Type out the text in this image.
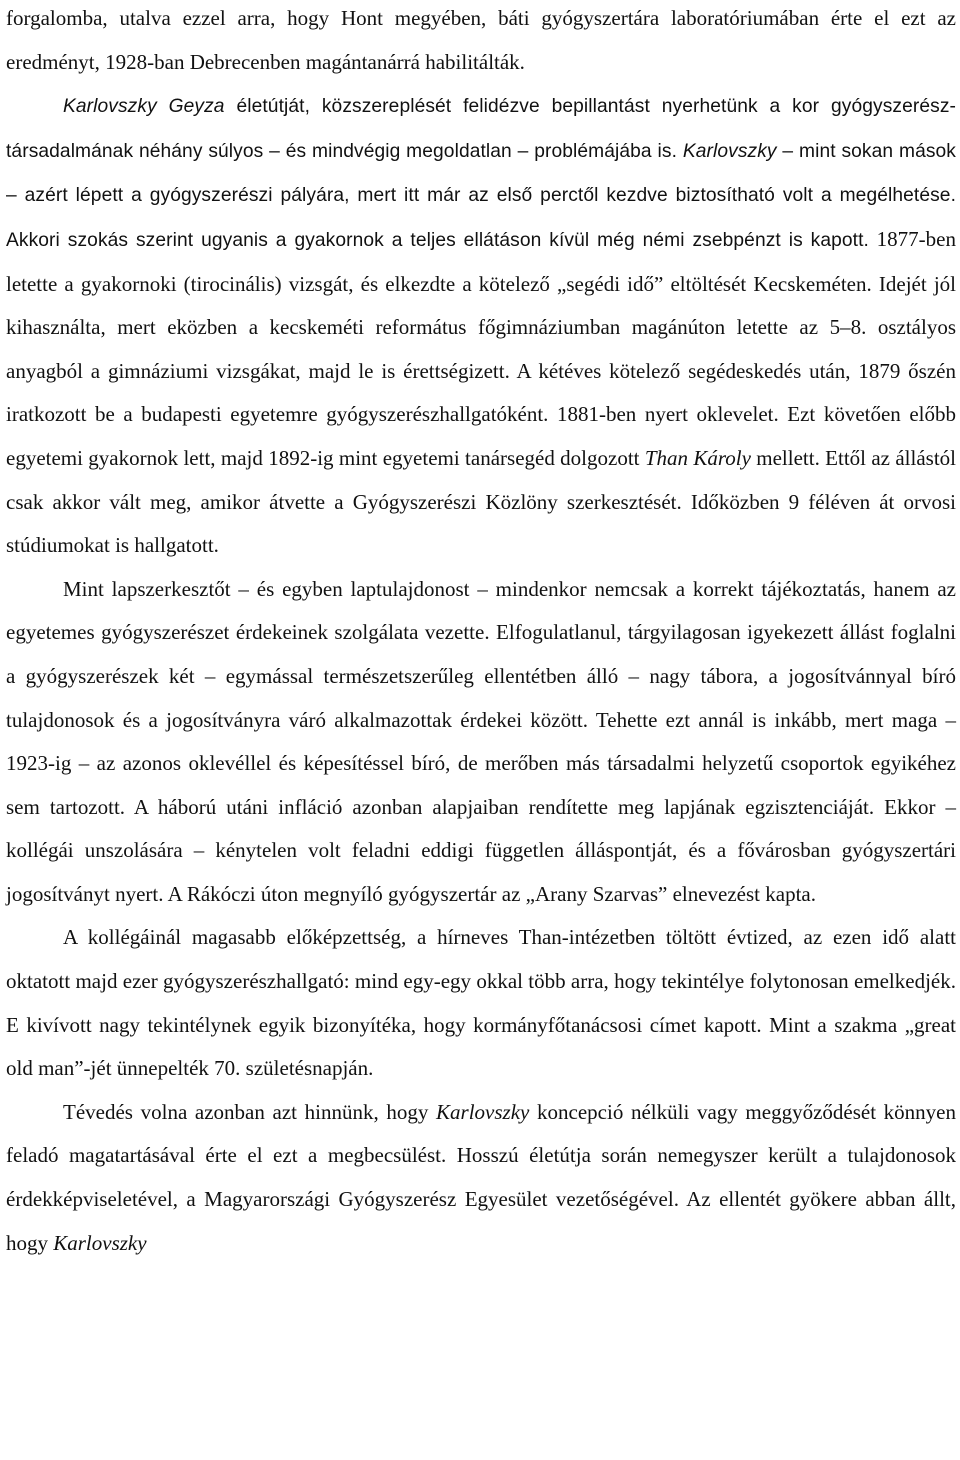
forgalomba, utalva ezzel arra, hogy Hont megyében, báti gyógyszertára laboratóriumában érte el ezt az eredményt, 1928-ban Debrecenben magántanárrá habilitálták.

Karlovszky Geyza életútját, közszereplését felidézve bepillantást nyerhetünk a kor gyógyszerész-társadalmának néhány súlyos – és mindvégig megoldatlan – problémájába is. Karlovszky – mint sokan mások – azért lépett a gyógyszerészi pályára, mert itt már az első perctől kezdve biztosítható volt a megélhetése. Akkori szokás szerint ugyanis a gyakornok a teljes ellátáson kívül még némi zsebpénzt is kapott. 1877-ben letette a gyakornoki (tirocinális) vizsgát, és elkezdte a kötelező „segédi idő” eltöltését Kecskeméten. Idejét jól kihasználta, mert eközben a kecskeméti református főgimnáziumban magánúton letette az 5–8. osztályos anyagból a gimnáziumi vizsgákat, majd le is érettségizett. A kétéves kötelező segédeskedés után, 1879 őszén iratkozott be a budapesti egyetemre gyógyszerészhallgatóként. 1881-ben nyert oklevelet. Ezt követően előbb egyetemi gyakornok lett, majd 1892-ig mint egyetemi tanársegéd dolgozott Than Károly mellett. Ettől az állástól csak akkor vált meg, amikor átvette a Gyógyszerészi Közlöny szerkesztését. Időközben 9 féléven át orvosi stúdiumokat is hallgatott.

Mint lapszerkesztőt – és egyben laptulajdonost – mindenkor nemcsak a korrekt tájékoztatás, hanem az egyetemes gyógyszerészet érdekeinek szolgálata vezette. Elfogulatlanul, tárgyilagosan igyekezett állást foglalni a gyógyszerészek két – egymással természetszerűleg ellentétben álló – nagy tábora, a jogosítvánnyal bíró tulajdonosok és a jogosítványra váró alkalmazottak érdekei között. Tehette ezt annál is inkább, mert maga – 1923-ig – az azonos oklevéllel és képesítéssel bíró, de merőben más társadalmi helyzetű csoportok egyikéhez sem tartozott. A háború utáni infláció azonban alapjaiban rendítette meg lapjának egzisztenciáját. Ekkor – kollégái unszolására – kénytelen volt feladni eddigi független álláspontját, és a fővárosban gyógyszertári jogosítványt nyert. A Rákóczi úton megnyíló gyógyszertár az „Arany Szarvas” elnevezést kapta.

A kollégáinál magasabb előképzettség, a hírneves Than-intézetben töltött évtized, az ezen idő alatt oktatott majd ezer gyógyszerészhallgató: mind egy-egy okkal több arra, hogy tekintélye folytonosan emelkedjék. E kivívott nagy tekintélynek egyik bizonyítéka, hogy kormányfőtanácsosi címet kapott. Mint a szakma „great old man”-jét ünnepelték 70. születésnapján.

Tévedés volna azonban azt hinnünk, hogy Karlovszky koncepció nélküli vagy meggyőződését könnyen feladó magatartásával érte el ezt a megbecsülést. Hosszú életútja során nemegyszer került a tulajdonosok érdekképviseletével, a Magyarországi Gyógyszerész Egyesület vezetőségével. Az ellentét gyökere abban állt, hogy Karlovszky
